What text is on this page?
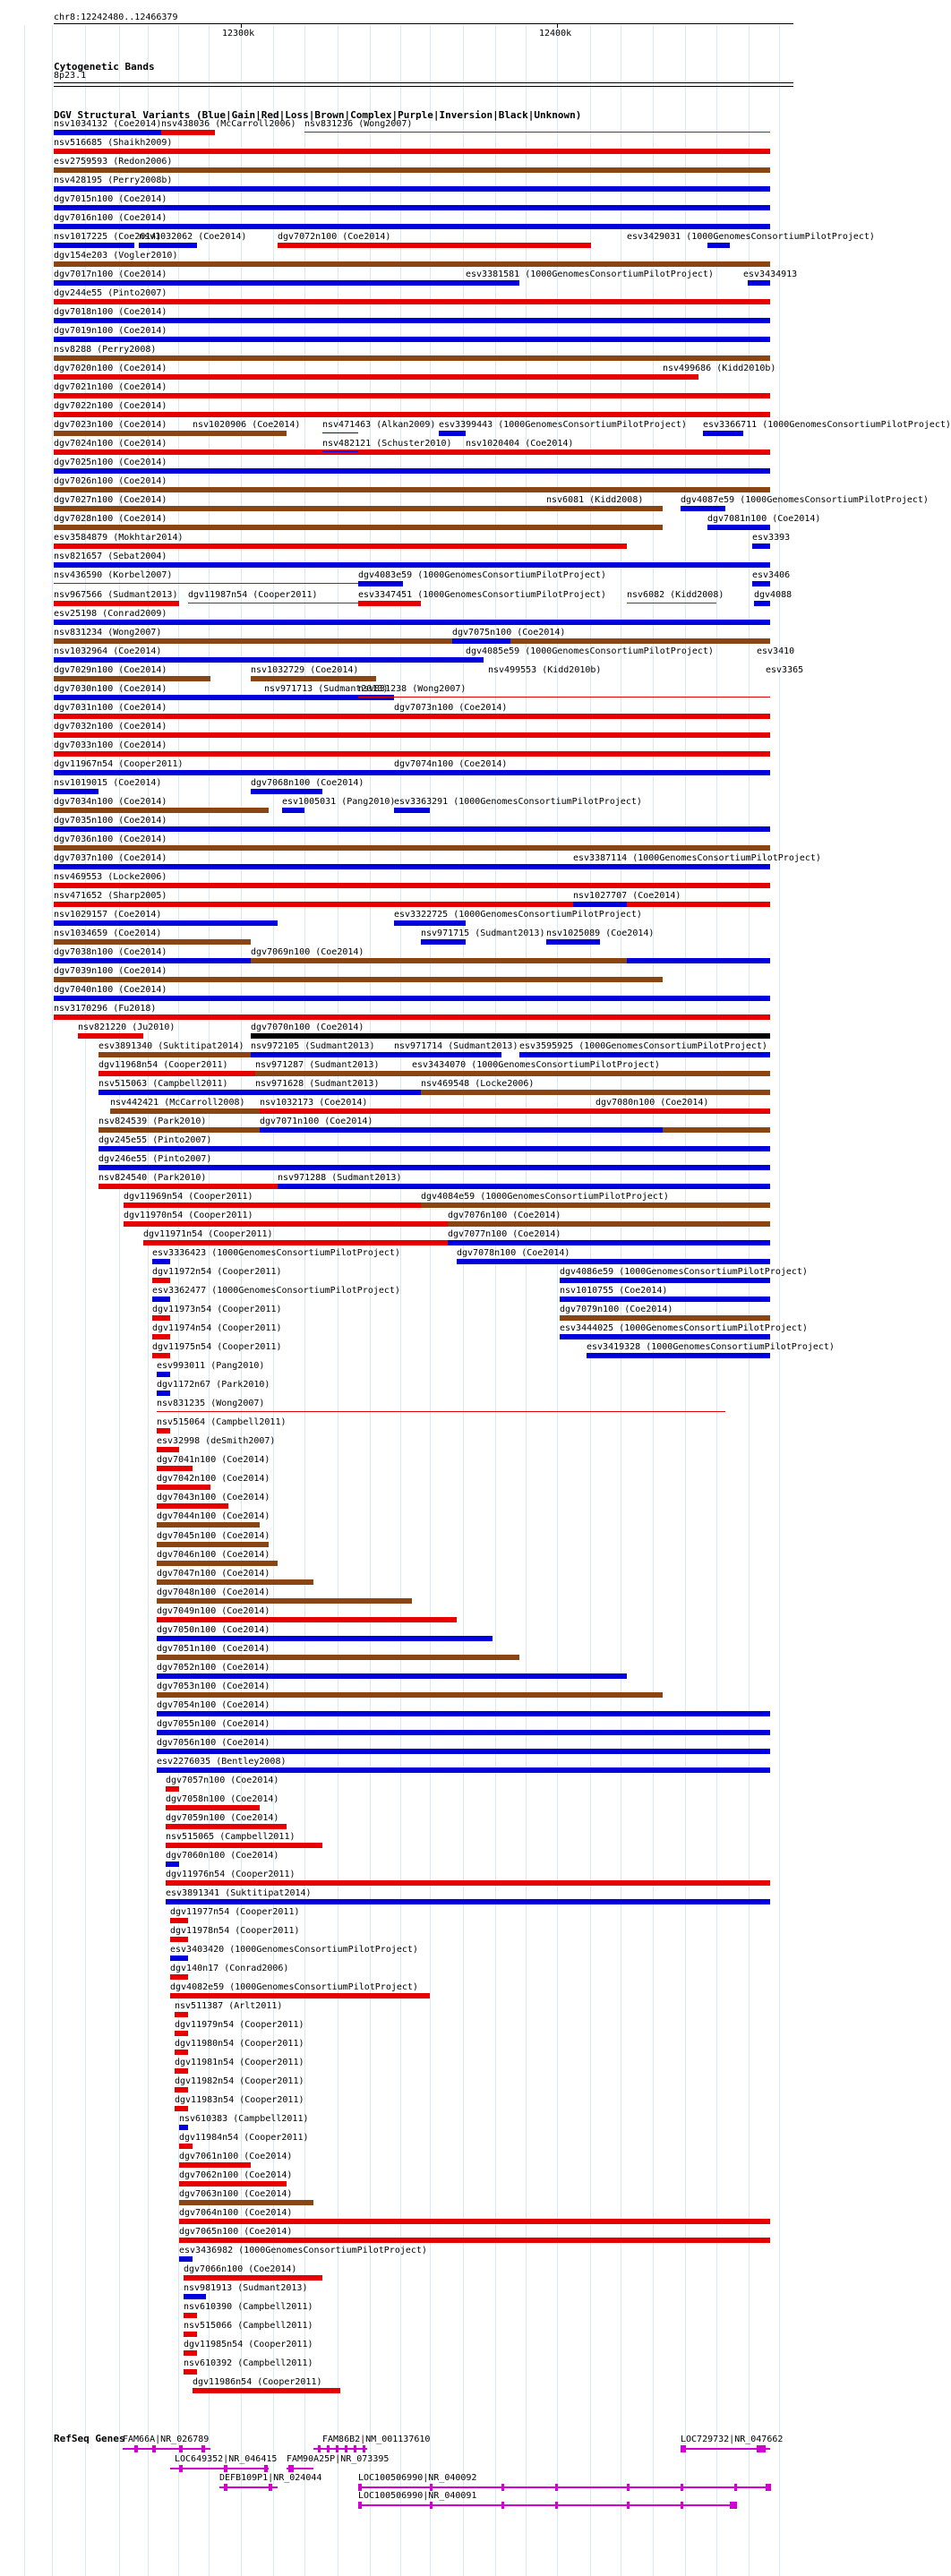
chr8:12242480..12466379
12300k	12400k
Cytogenetic Bands
8p23.1
DGV Structural Variants (Blue|Gain|Red|Loss|Brown|Complex|Purple|Inversion|Black|Unknown)
nsv1034132 (Coe2014) nsv438036 (McCarroll2006) nsv831236 (Wong2007)
nsv516685 (Shaikh2009)
esv2759593 (Redon2006)
nsv428195 (Perry2008b)
dgv7015n100 (Coe2014)
dgv7016n100 (Coe2014)
nsv1017225 (Coe2014)
nsv1032062 (Coe2014)	dgv7072n100 (Coe2014)	esv3429031 (1000GenomesConsortiumPilotProject)
dgv154e203 (Vogler2010)
dgv7017n100 (Coe2014)	esv3381581 (1000GenomesConsortiumPilotProject)	esv3434913
dgv244e55 (Pinto2007)
dgv7018n100 (Coe2014)
dgv7019n100 (Coe2014)
nsv8288 (Perry2008)
dgv7020n100 (Coe2014)	nsv499686 (Kidd2010b)
dgv7021n100 (Coe2014)
dgv7022n100 (Coe2014)
dgv7023n100 (Coe2014)	nsv1020906 (Coe2014) nsv471463 (Alkan2009) esv3399443 (1000GenomesConsortiumPilotProject) esv3366711 (1000GenomesConsortiumPilotProject)
dgv7024n100 (Coe2014)	nsv482121 (Schuster2010) nsv1020404 (Coe2014)
dgv7025n100 (Coe2014)
dgv7026n100 (Coe2014)
dgv7027n100 (Coe2014)	nsv6081 (Kidd2008)	dgv4087e59 (1000GenomesConsortiumPilotProject)
dgv7028n100 (Coe2014)	dgv7081n100 (Coe2014)
esv3584879 (Mokhtar2014)	esv3393
nsv821657 (Sebat2004)
nsv436590 (Korbel2007)	dgv4083e59 (1000GenomesConsortiumPilotProject)	esv3406
nsv967566 (Sudmant2013) dgv11987n54 (Cooper2011)	esv3347451 (1000GenomesConsortiumPilotProject) nsv6082 (Kidd2008)	dgv4088
esv25198 (Conrad2009)
nsv831234 (Wong2007)	dgv7075n100 (Coe2014)
nsv1032964 (Coe2014)	dgv4085e59 (1000GenomesConsortiumPilotProject)	esv3410
dgv7029n100 (Coe2014)	nsv1032729 (Coe2014)	nsv499553 (Kidd2010b)	esv3365
dgv7030n100 (Coe2014)	nsv971713 (Sudmant2013)
nsv831238 (Wong2007)
dgv7031n100 (Coe2014)	dgv7073n100 (Coe2014)
dgv7032n100 (Coe2014)
dgv7033n100 (Coe2014)
dgv11967n54 (Cooper2011)	dgv7074n100 (Coe2014)
nsv1019015 (Coe2014)	dgv7068n100 (Coe2014)
dgv7034n100 (Coe2014)	esv1005031 (Pang2010)
esv3363291 (1000GenomesConsortiumPilotProject)
dgv7035n100 (Coe2014)
dgv7036n100 (Coe2014)
dgv7037n100 (Coe2014)	esv3387114 (1000GenomesConsortiumPilotProject)
nsv469553 (Locke2006)
nsv471652 (Sharp2005)	nsv1027707 (Coe2014)
nsv1029157 (Coe2014)	esv3322725 (1000GenomesConsortiumPilotProject)
nsv1034659 (Coe2014)	nsv971715 (Sudmant2013) nsv1025089 (Coe2014)
dgv7038n100 (Coe2014)	dgv7069n100 (Coe2014)
dgv7039n100 (Coe2014)
dgv7040n100 (Coe2014)
nsv3170296 (Fu2018)
nsv821220 (Ju2010)	dgv7070n100 (Coe2014)
esv3891340 (Suktitipat2014) nsv972105 (Sudmant2013) nsv971714 (Sudmant2013) esv3595925 (1000GenomesConsortiumPilotProject)
dgv11968n54 (Cooper2011)	nsv971287 (Sudmant2013)	esv3434070 (1000GenomesConsortiumPilotProject)
nsv515063 (Campbell2011)	nsv971628 (Sudmant2013)	nsv469548 (Locke2006)
nsv442421 (McCarroll2008) nsv1032173 (Coe2014)	dgv7080n100 (Coe2014)
nsv824539 (Park2010)	dgv7071n100 (Coe2014)
dgv245e55 (Pinto2007)
dgv246e55 (Pinto2007)
nsv824540 (Park2010)	nsv971288 (Sudmant2013)
dgv11969n54 (Cooper2011)	dgv4084e59 (1000GenomesConsortiumPilotProject)
dgv11970n54 (Cooper2011)	dgv7076n100 (Coe2014)
dgv11971n54 (Cooper2011)	dgv7077n100 (Coe2014)
esv3336423 (1000GenomesConsortiumPilotProject)	dgv7078n100 (Coe2014)
dgv11972n54 (Cooper2011)	dgv4086e59 (1000GenomesConsortiumPilotProject)
esv3362477 (1000GenomesConsortiumPilotProject)	nsv1010755 (Coe2014)
dgv11973n54 (Cooper2011)	dgv7079n100 (Coe2014)
dgv11974n54 (Cooper2011)	esv3444025 (1000GenomesConsortiumPilotProject)
dgv11975n54 (Cooper2011)	esv3419328 (1000GenomesConsortiumPilotProject)
esv993011 (Pang2010)
dgv1172n67 (Park2010)
nsv831235 (Wong2007)
nsv515064 (Campbell2011)
esv32998 (deSmith2007)
dgv7041n100 (Coe2014)
dgv7042n100 (Coe2014)
dgv7043n100 (Coe2014)
dgv7044n100 (Coe2014)
dgv7045n100 (Coe2014)
dgv7046n100 (Coe2014)
dgv7047n100 (Coe2014)
dgv7048n100 (Coe2014)
dgv7049n100 (Coe2014)
dgv7050n100 (Coe2014)
dgv7051n100 (Coe2014)
dgv7052n100 (Coe2014)
dgv7053n100 (Coe2014)
dgv7054n100 (Coe2014)
dgv7055n100 (Coe2014)
dgv7056n100 (Coe2014)
esv2276035 (Bentley2008)
dgv7057n100 (Coe2014)
dgv7058n100 (Coe2014)
dgv7059n100 (Coe2014)
nsv515065 (Campbell2011)
dgv7060n100 (Coe2014)
dgv11976n54 (Cooper2011)
esv3891341 (Suktitipat2014)
dgv11977n54 (Cooper2011)
dgv11978n54 (Cooper2011)
esv3403420 (1000GenomesConsortiumPilotProject)
dgv140n17 (Conrad2006)
dgv4082e59 (1000GenomesConsortiumPilotProject)
nsv511387 (Arlt2011)
dgv11979n54 (Cooper2011)
dgv11980n54 (Cooper2011)
dgv11981n54 (Cooper2011)
dgv11982n54 (Cooper2011)
dgv11983n54 (Cooper2011)
nsv610383 (Campbell2011)
dgv11984n54 (Cooper2011)
dgv7061n100 (Coe2014)
dgv7062n100 (Coe2014)
dgv7063n100 (Coe2014)
dgv7064n100 (Coe2014)
dgv7065n100 (Coe2014)
esv3436982 (1000GenomesConsortiumPilotProject)
dgv7066n100 (Coe2014)
nsv981913 (Sudmant2013)
nsv610390 (Campbell2011)
nsv515066 (Campbell2011)
dgv11985n54 (Cooper2011)
nsv610392 (Campbell2011)
dgv11986n54 (Cooper2011)
RefSeq Genes
FAM66A|NR_026789	FAM86B2|NM_001137610	LOC729732|NR_047662
LOC649352|NR_046415 FAM90A25P|NR_073395
DEFB109P1|NR_024044	LOC100506990|NR_040092
LOC100506990|NR_040091
